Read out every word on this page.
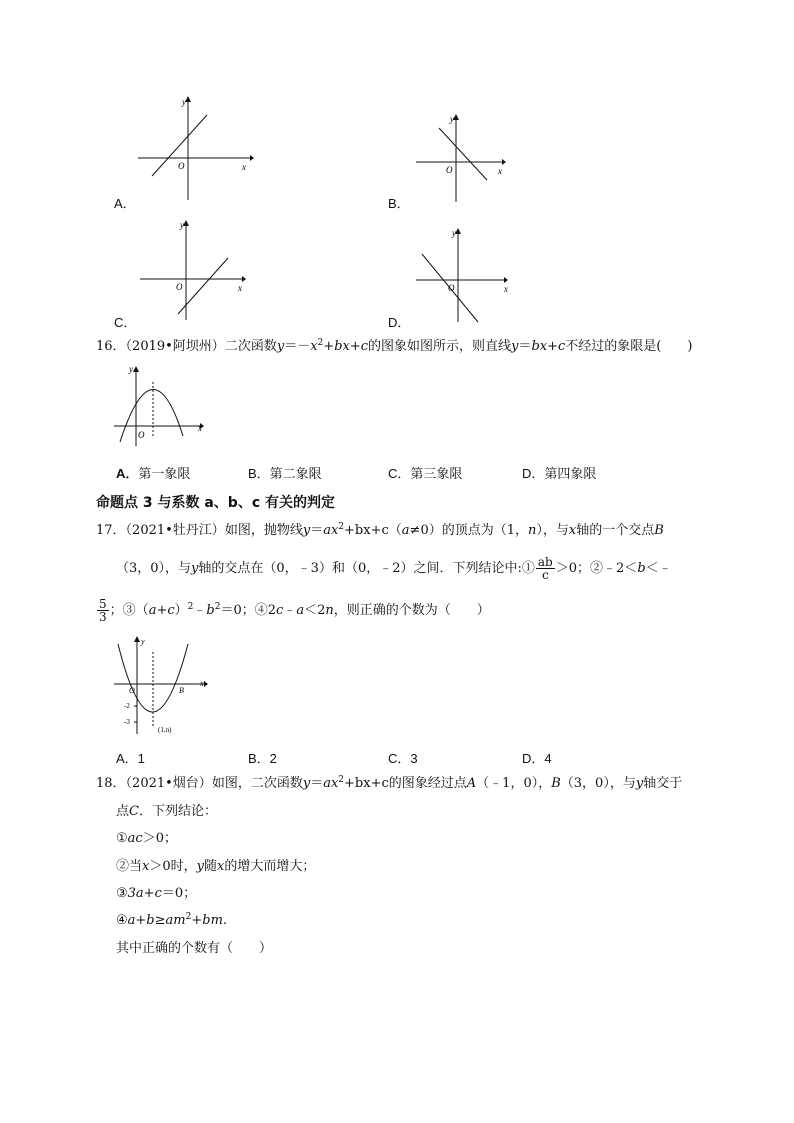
A．
x
y
O
B．
x
y
O
C．
x
y
O
D．
x
y
O
16．（2019•阿坝州）二次函数$y=-x^2+bx+c$的图象如图所示，则直线y＝bx+c不经过的象限是(　　)
x
y
O
A．第一象限	B．第二象限	C．第三象限	D．第四象限
命题点 3 与系数 a、b、c 有关的判定
17．（2021•牡丹江）如图，抛物线$y=ax^2+bx+c(a\ne 0)$的顶点为（1，n），与x轴的一个交点B
（3，0），与y轴的交点在（0，﹣3）和（0，﹣2）之间．下列结论中:① $\frac{ab}{c} >0$；②﹣2＜b＜﹣
$\frac{5}{3}$ ；$③(a+c)^2﹣b^2=0$；④2c﹣a＜2n，则正确的个数为（　　）
x
y
O	B
-2
-3
(1,n)
A．1	B．2	C．3	D．4
18．（2021•烟台）如图，二次函数$y=ax^2+bx+c$的图象经过点A（﹣1，0），B（3，0），与y轴交于
点C．下列结论：
①ac＞0；
②当x＞0时，y随x的增大而增大；
③3a+c＝0；
$④a+b\ge am^2+bm$.
其中正确的个数有（　　）
